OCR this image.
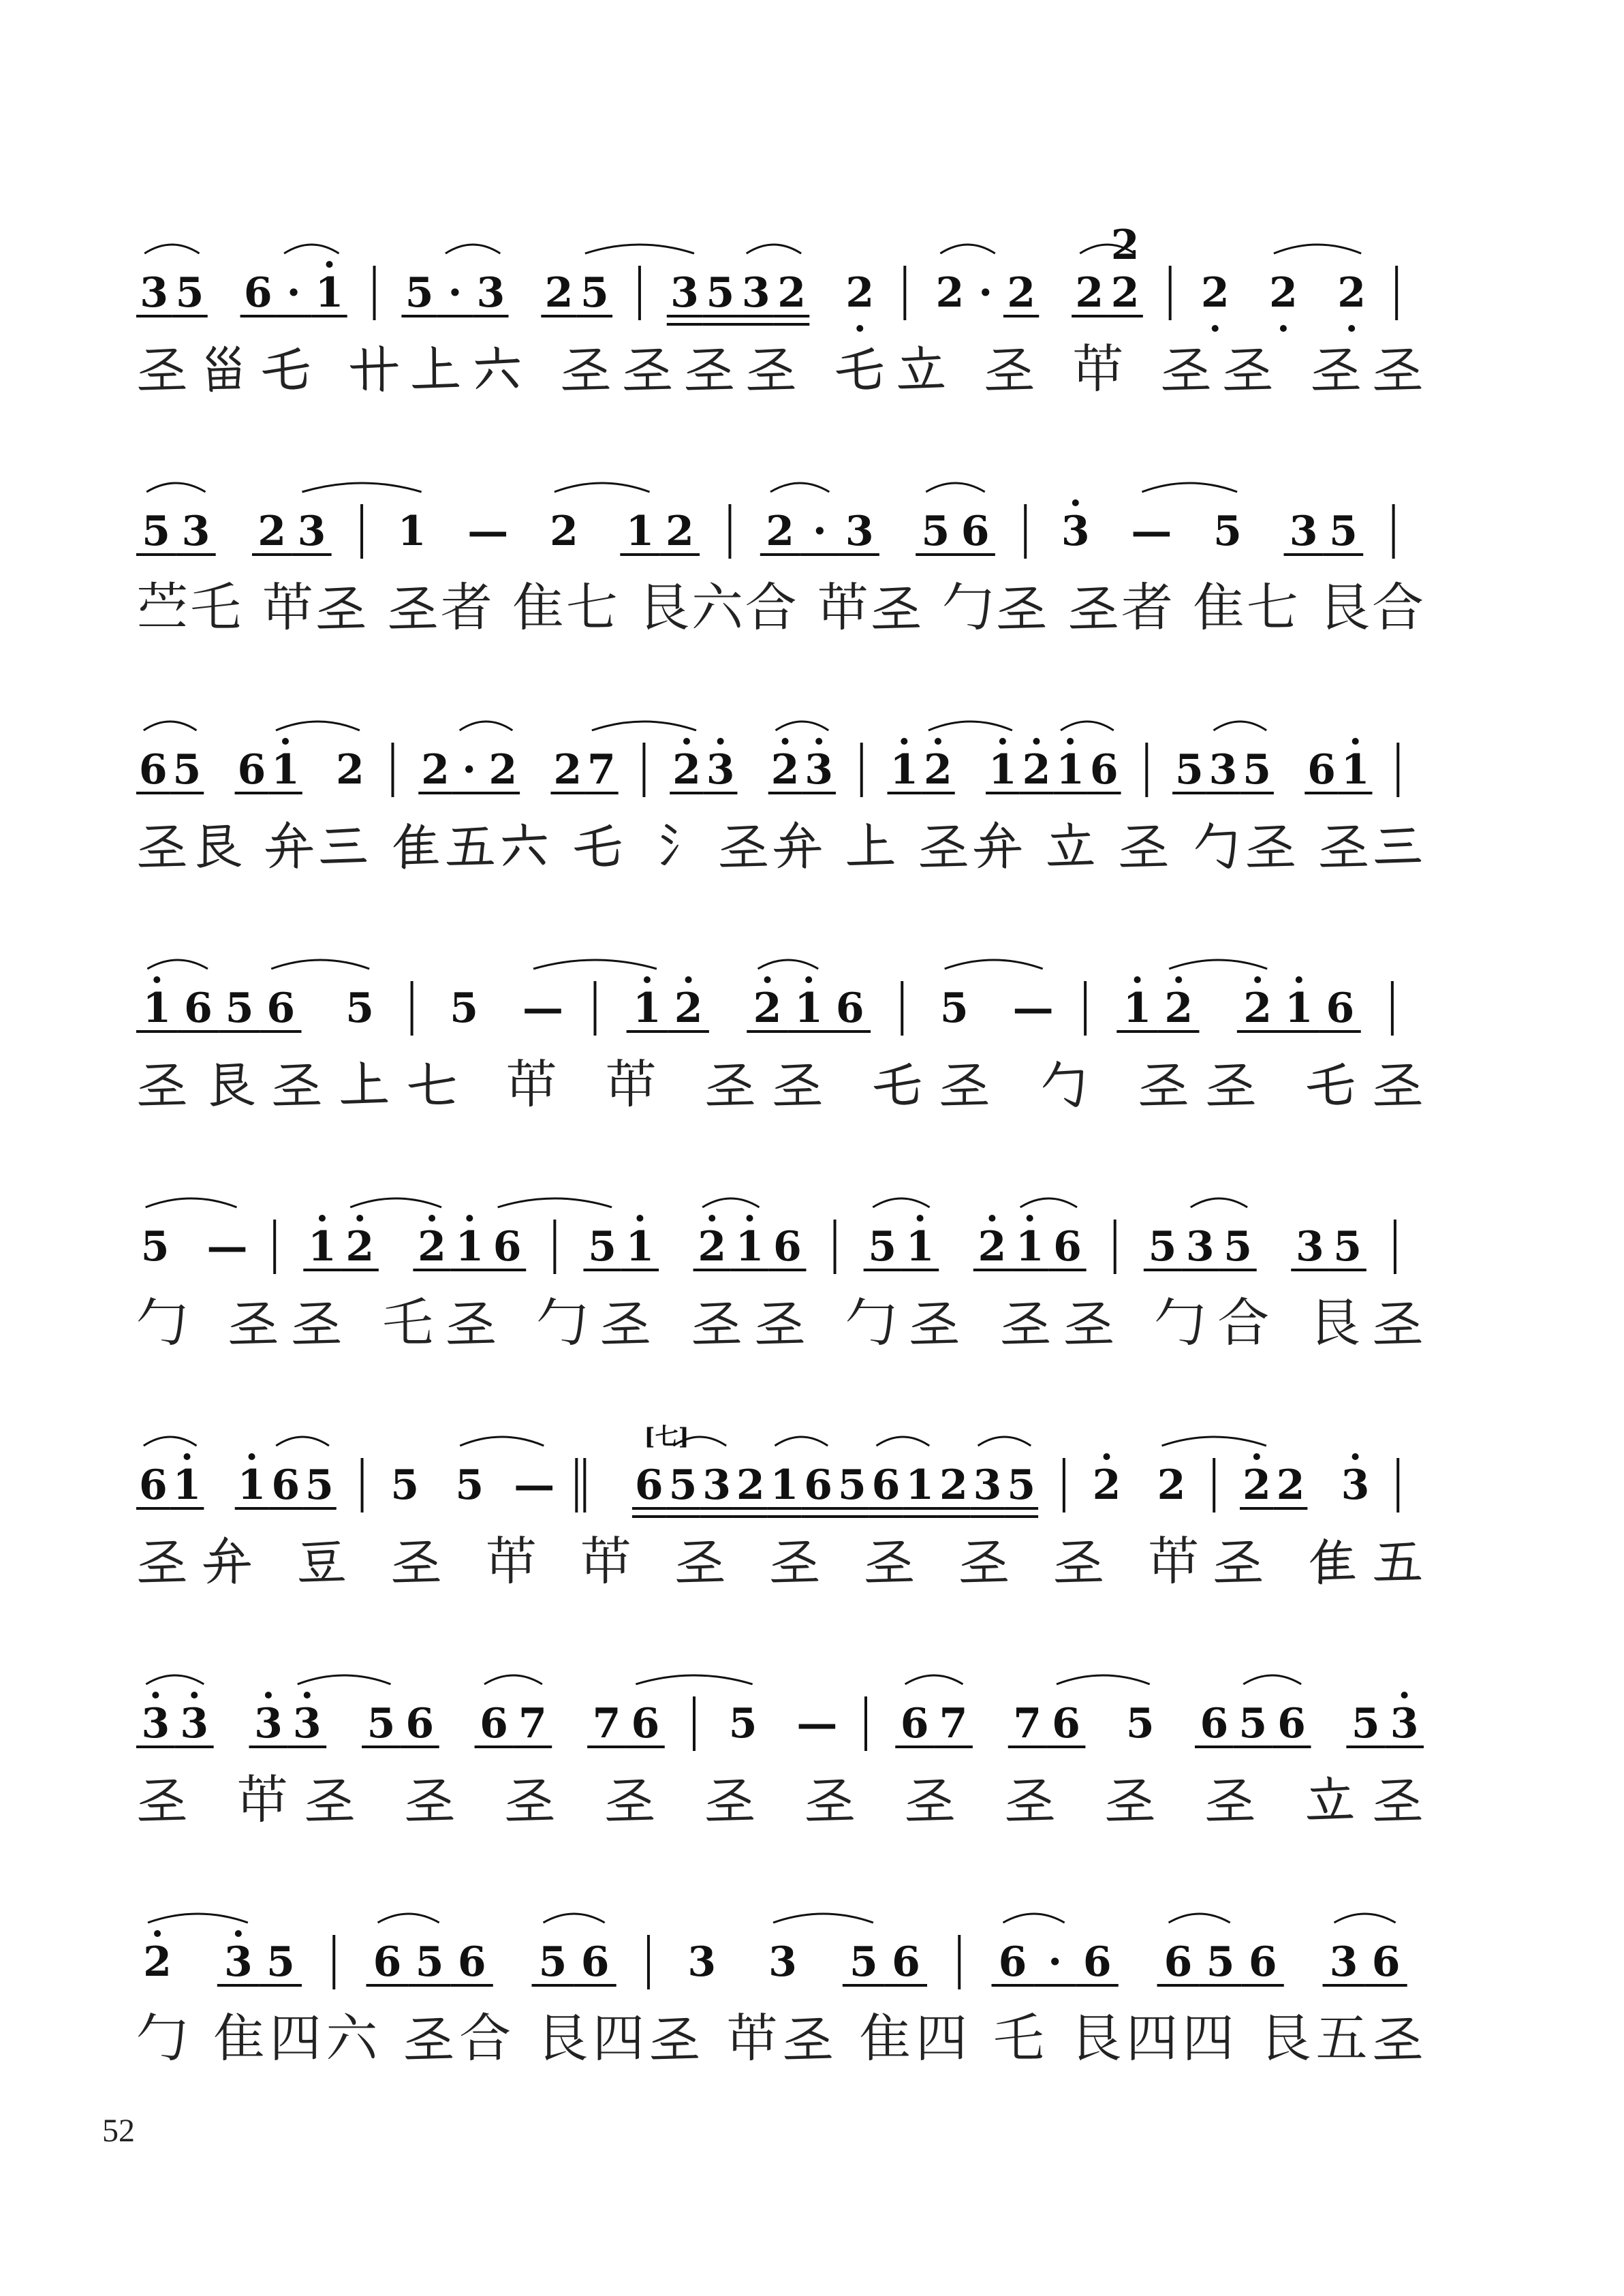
3 5 6 · 1 5 · 3 2 5 3 5 3 2 2 2 · 2 2 2 2 2 2
2
𢀖甾乇 卄上六 𢀖𢀖𢀖𢀖 乇立 𢀖 𦬕 𢀖𢀖 𢀖𢀖
5 3 2 3 1 — 2 1 2 2 · 3 5 6 3 — 5 3 5
苎乇 𦬕𢀖 𢀖者 隹七 艮六合 𦬕𢀖 勹𢀖 𢀖者 隹七 艮合
6 5 6 1 2 2 · 2 2 7 2 3 2 3 1 2 1 2 1 6 5 3 5 6 1
𢀖艮 弁三 隹五六 乇 氵 𢀖弁 上 𢀖弁 立 𢀖 勹𢀖 𢀖三
1 6 5 6 5 5 — 1 2 2 1 6 5 — 1 2 2 1 6
𢀖艮𢀖上七 𦬕 𦬕 𢀖𢀖 乇𢀖 勹 𢀖𢀖 乇𢀖
5 — 1 2 2 1 6 5 1 2 1 6 5 1 2 1 6 5 3 5 3 5
勹 𢀖𢀖 乇𢀖 勹𢀖 𢀖𢀖 勹𢀖 𢀖𢀖 勹合 艮𢀖
6 1 1 6 5 5 5 —
[七]
6 5 3 2 1 6 5 6 1 2 3 5 2 2 2 2 3
𢀖弁 豆 𢀖 𦬕 𦬕 𢀖 𢀖 𢀖 𢀖 𢀖 𦬕𢀖 隹五
3 3 3 3 5 6 6 7 7 6 5 — 6 7 7 6 5 6 5 6 5 3
𢀖 𦬕𢀖 𢀖 𢀖 𢀖 𢀖 𢀖 𢀖 𢀖 𢀖 𢀖 立𢀖
2 3 5 6 5 6 5 6 3 3 5 6 6 · 6 6 5 6 3 6
勹 隹四六 𢀖合 艮四𢀖 𦬕𢀖 隹四 乇 艮四四 艮五𢀖
52
